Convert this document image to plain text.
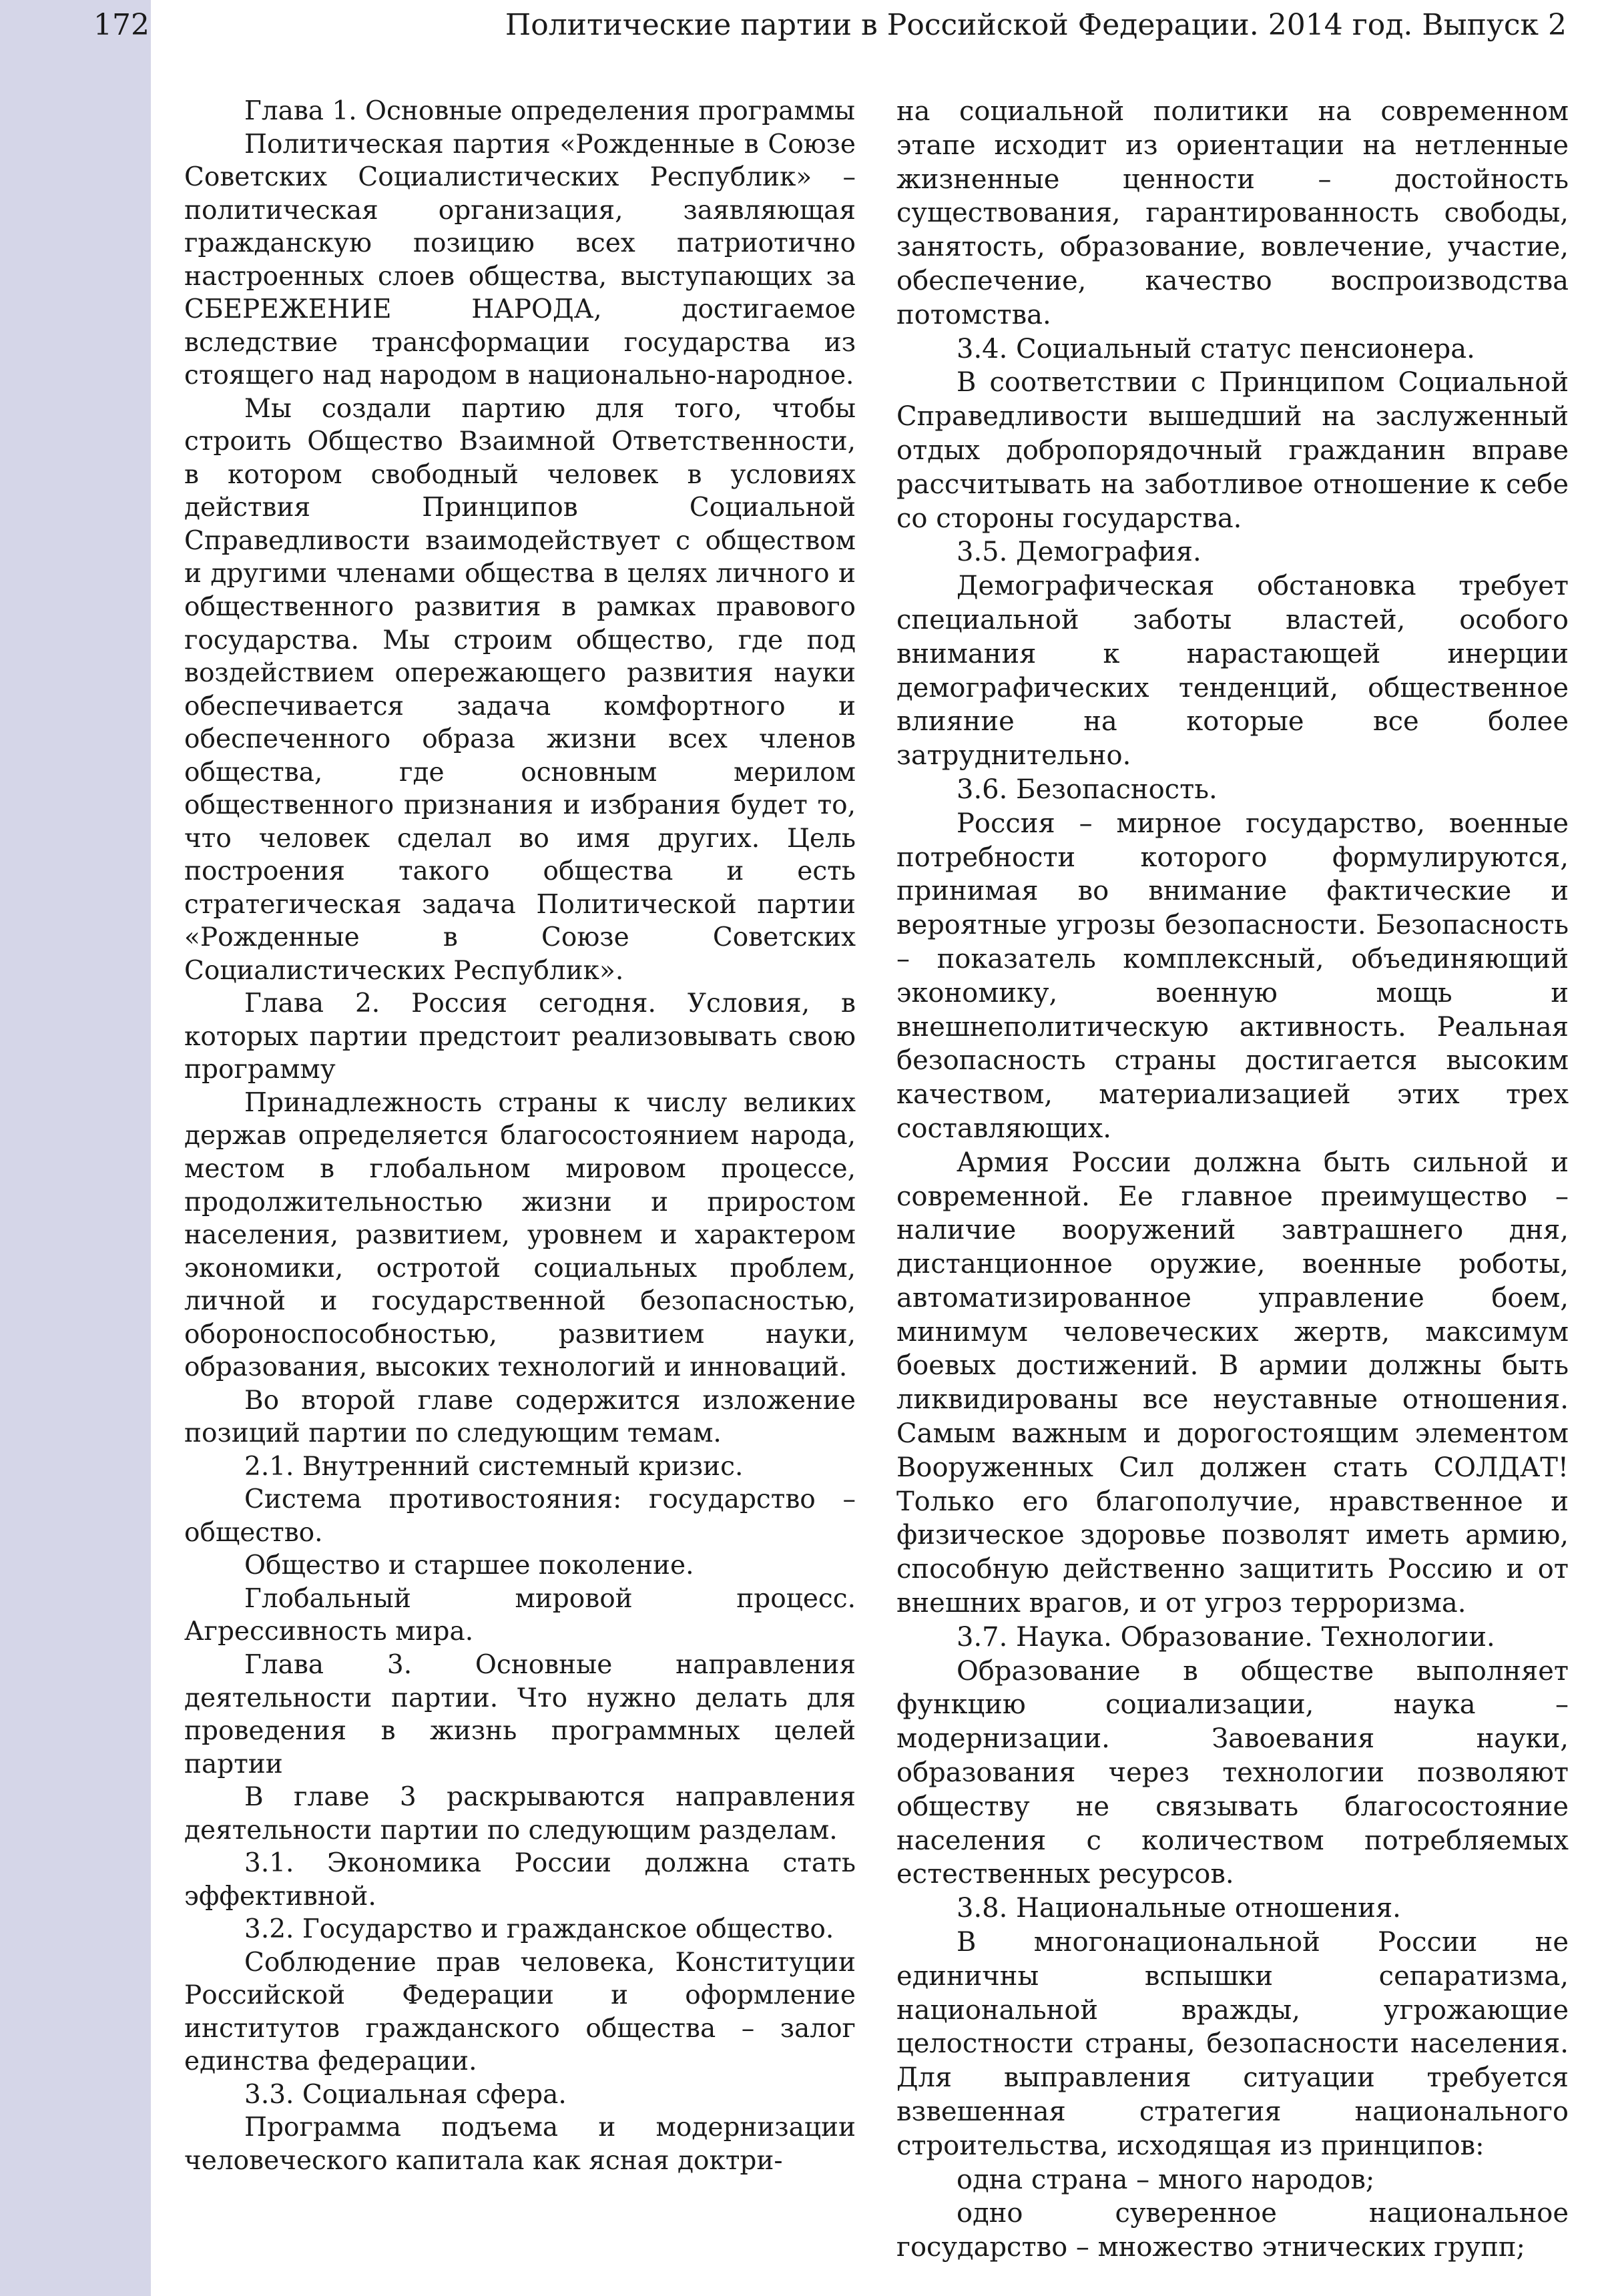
172	Политические партии в Российской Федерации. 2014 год. Выпуск 2

Глава 1. Основные определения программы

Политическая партия «Рожденные в Союзе Советских Социалистических Республик» – политическая организация, заявляющая гражданскую позицию всех патриотично настроенных слоев общества, выступающих за СБЕРЕЖЕНИЕ НАРОДА, достигаемое вследствие трансформации государства из стоящего над народом в национально-народное.

Мы создали партию для того, чтобы строить Общество Взаимной Ответственности, в котором свободный человек в условиях действия Принципов Социальной Справедливости взаимодействует с обществом и другими членами общества в целях личного и общественного развития в рамках правового государства. Мы строим общество, где под воздействием опережающего развития науки обеспечивается задача комфортного и обеспеченного образа жизни всех членов общества, где основным мерилом общественного признания и избрания будет то, что человек сделал во имя других. Цель построения такого общества и есть стратегическая задача Политической партии «Рожденные в Союзе Советских Социалистических Республик».

Глава 2. Россия сегодня. Условия, в которых партии предстоит реализовывать свою программу

Принадлежность страны к числу великих держав определяется благосостоянием народа, местом в глобальном мировом процессе, продолжительностью жизни и приростом населения, развитием, уровнем и характером экономики, остротой социальных проблем, личной и государственной безопасностью, обороноспособностью, развитием науки, образования, высоких технологий и инноваций.

Во второй главе содержится изложение позиций партии по следующим темам.

2.1. Внутренний системный кризис.

Система противостояния: государство – общество.

Общество и старшее поколение.

Глобальный мировой процесс. Агрессивность мира.

Глава 3. Основные направления деятельности партии. Что нужно делать для проведения в жизнь программных целей партии

В главе 3 раскрываются направления деятельности партии по следующим разделам.

3.1. Экономика России должна стать эффективной.

3.2. Государство и гражданское общество.

Соблюдение прав человека, Конституции Российской Федерации и оформление институтов гражданского общества – залог единства федерации.

3.3. Социальная сфера.

Программа подъема и модернизации человеческого капитала как ясная доктри-

на социальной политики на современном этапе исходит из ориентации на нетленные жизненные ценности – достойность существования, гарантированность свободы, занятость, образование, вовлечение, участие, обеспечение, качество воспроизводства потомства.

3.4. Социальный статус пенсионера.

В соответствии с Принципом Социальной Справедливости вышедший на заслуженный отдых добропорядочный гражданин вправе рассчитывать на заботливое отношение к себе со стороны государства.

3.5. Демография.

Демографическая обстановка требует специальной заботы властей, особого внимания к нарастающей инерции демографических тенденций, общественное влияние на которые все более затруднительно.

3.6. Безопасность.

Россия – мирное государство, военные потребности которого формулируются, принимая во внимание фактические и вероятные угрозы безопасности. Безопасность – показатель комплексный, объединяющий экономику, военную мощь и внешнеполитическую активность. Реальная безопасность страны достигается высоким качеством, материализацией этих трех составляющих.

Армия России должна быть сильной и современной. Ее главное преимущество – наличие вооружений завтрашнего дня, дистанционное оружие, военные роботы, автоматизированное управление боем, минимум человеческих жертв, максимум боевых достижений. В армии должны быть ликвидированы все неуставные отношения. Самым важным и дорогостоящим элементом Вооруженных Сил должен стать СОЛДАТ! Только его благополучие, нравственное и физическое здоровье позволят иметь армию, способную действенно защитить Россию и от внешних врагов, и от угроз терроризма.

3.7. Наука. Образование. Технологии.

Образование в обществе выполняет функцию социализации, наука – модернизации. Завоевания науки, образования через технологии позволяют обществу не связывать благосостояние населения с количеством потребляемых естественных ресурсов.

3.8. Национальные отношения.

В многонациональной России не единичны вспышки сепаратизма, национальной вражды, угрожающие целостности страны, безопасности населения. Для выправления ситуации требуется взвешенная стратегия национального строительства, исходящая из принципов:

одна страна – много народов;

одно суверенное национальное государство – множество этнических групп;
